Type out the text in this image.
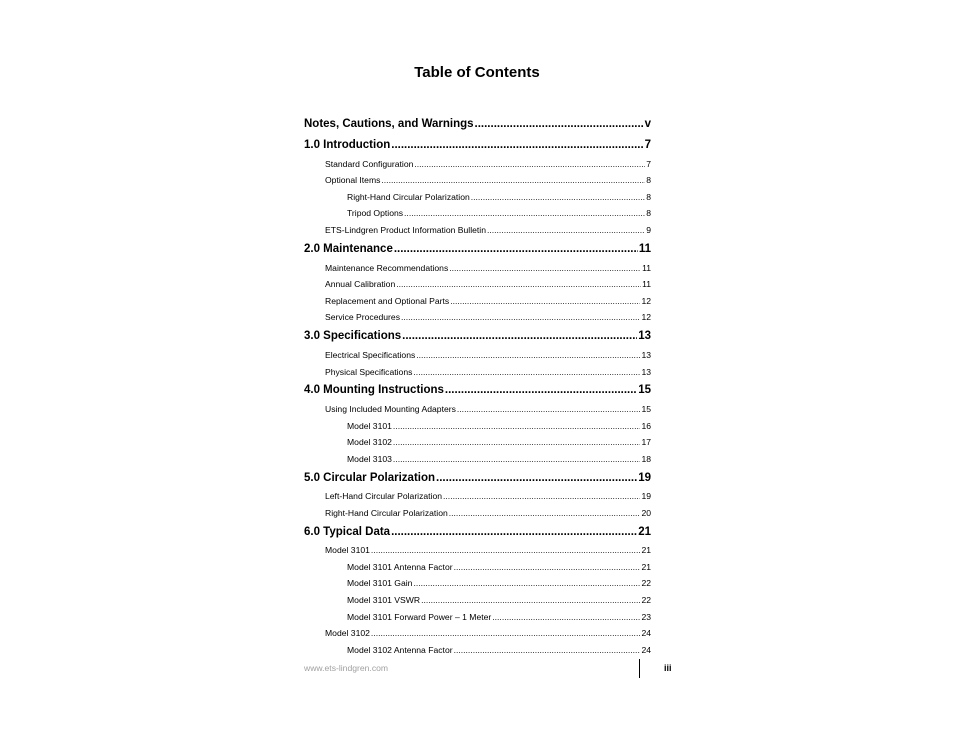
Table of Contents
Notes, Cautions, and Warnings .....	v
1.0 Introduction .....	7
Standard Configuration .....	7
Optional Items .....	8
Right-Hand Circular Polarization .....	8
Tripod Options .....	8
ETS-Lindgren Product Information Bulletin .....	9
2.0 Maintenance .....	11
Maintenance Recommendations .....	11
Annual Calibration .....	11
Replacement and Optional Parts .....	12
Service Procedures .....	12
3.0 Specifications .....	13
Electrical Specifications .....	13
Physical Specifications .....	13
4.0 Mounting Instructions .....	15
Using Included Mounting Adapters .....	15
Model 3101 .....	16
Model 3102 .....	17
Model 3103 .....	18
5.0 Circular Polarization .....	19
Left-Hand Circular Polarization .....	19
Right-Hand Circular Polarization .....	20
6.0 Typical Data .....	21
Model 3101 .....	21
Model 3101 Antenna Factor .....	21
Model 3101 Gain .....	22
Model 3101 VSWR .....	22
Model 3101 Forward Power – 1 Meter .....	23
Model 3102 .....	24
Model 3102 Antenna Factor .....	24
www.ets-lindgren.com	iii
